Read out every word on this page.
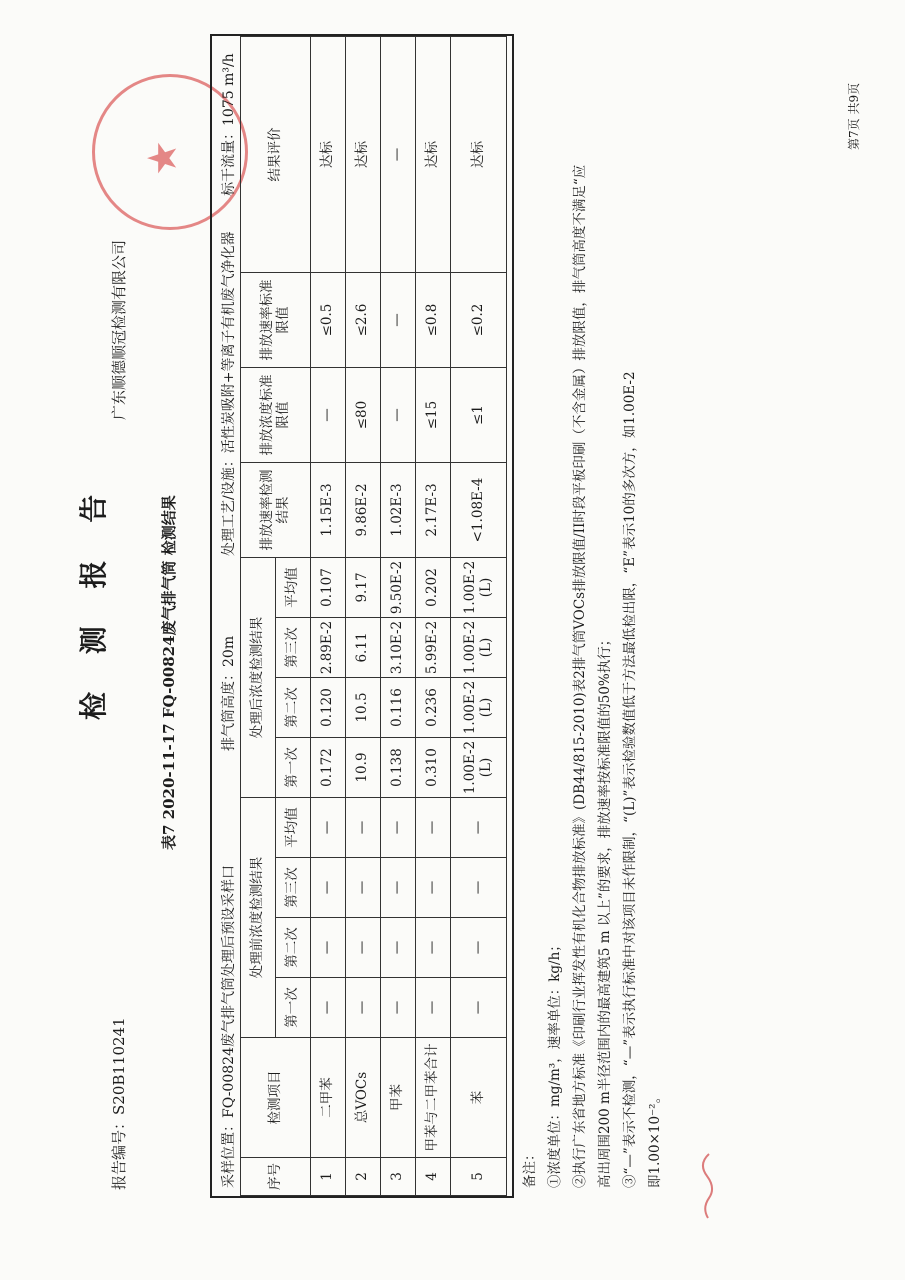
★
检 测 报 告
报告编号：S20B110241
广东顺德顺冠检测有限公司
表7 2020-11-17 FQ-00824废气排气筒 检测结果
采样位置：FQ-00824废气排气筒处理后预设采样口
排气筒高度：20m
处理工艺/设施：活性炭吸附+等离子有机废气净化器
标干流量：1075 m³/h
序号	检测项目	处理前浓度检测结果				处理后浓度检测结果				排放速率检测结果	排放浓度标准限值	排放速率标准限值	结果评价
		第一次	第二次	第三次	平均值	第一次	第二次	第三次	平均值				
1	二甲苯	—	—	—	—	0.172	0.120	2.89E-2	0.107	1.15E-3	—	≤0.5	达标
2	总VOCs	—	—	—	—	10.9	10.5	6.11	9.17	9.86E-2	≤80	≤2.6	达标
3	甲苯	—	—	—	—	0.138	0.116	3.10E-2	9.50E-2	1.02E-3	—	—	—
4	甲苯与二甲苯合计	—	—	—	—	0.310	0.236	5.99E-2	0.202	2.17E-3	≤15	≤0.8	达标
5	苯	—	—	—	—	1.00E-2 (L)	1.00E-2 (L)	1.00E-2 (L)	1.00E-2 (L)	<1.08E-4	≤1	≤0.2	达标
备注： ①浓度单位：mg/m³，速率单位：kg/h； ②执行广东省地方标准《印刷行业挥发性有机化合物排放标准》(DB44/815-2010)表2排气筒VOCs排放限值/II时段平板印刷（不含金属）排放限值，排气筒高度不满足“应 高出周围200 m半径范围内的最高建筑5 m 以上”的要求，排放速率按标准限值的50%执行； ③“—”表示不检测，“—”表示执行标准中对该项目未作限制，“(L)”表示检验数值低于方法最低检出限，“E”表示10的多次方，如1.00E-2 即1.00×10⁻²。
第7页 共9页
